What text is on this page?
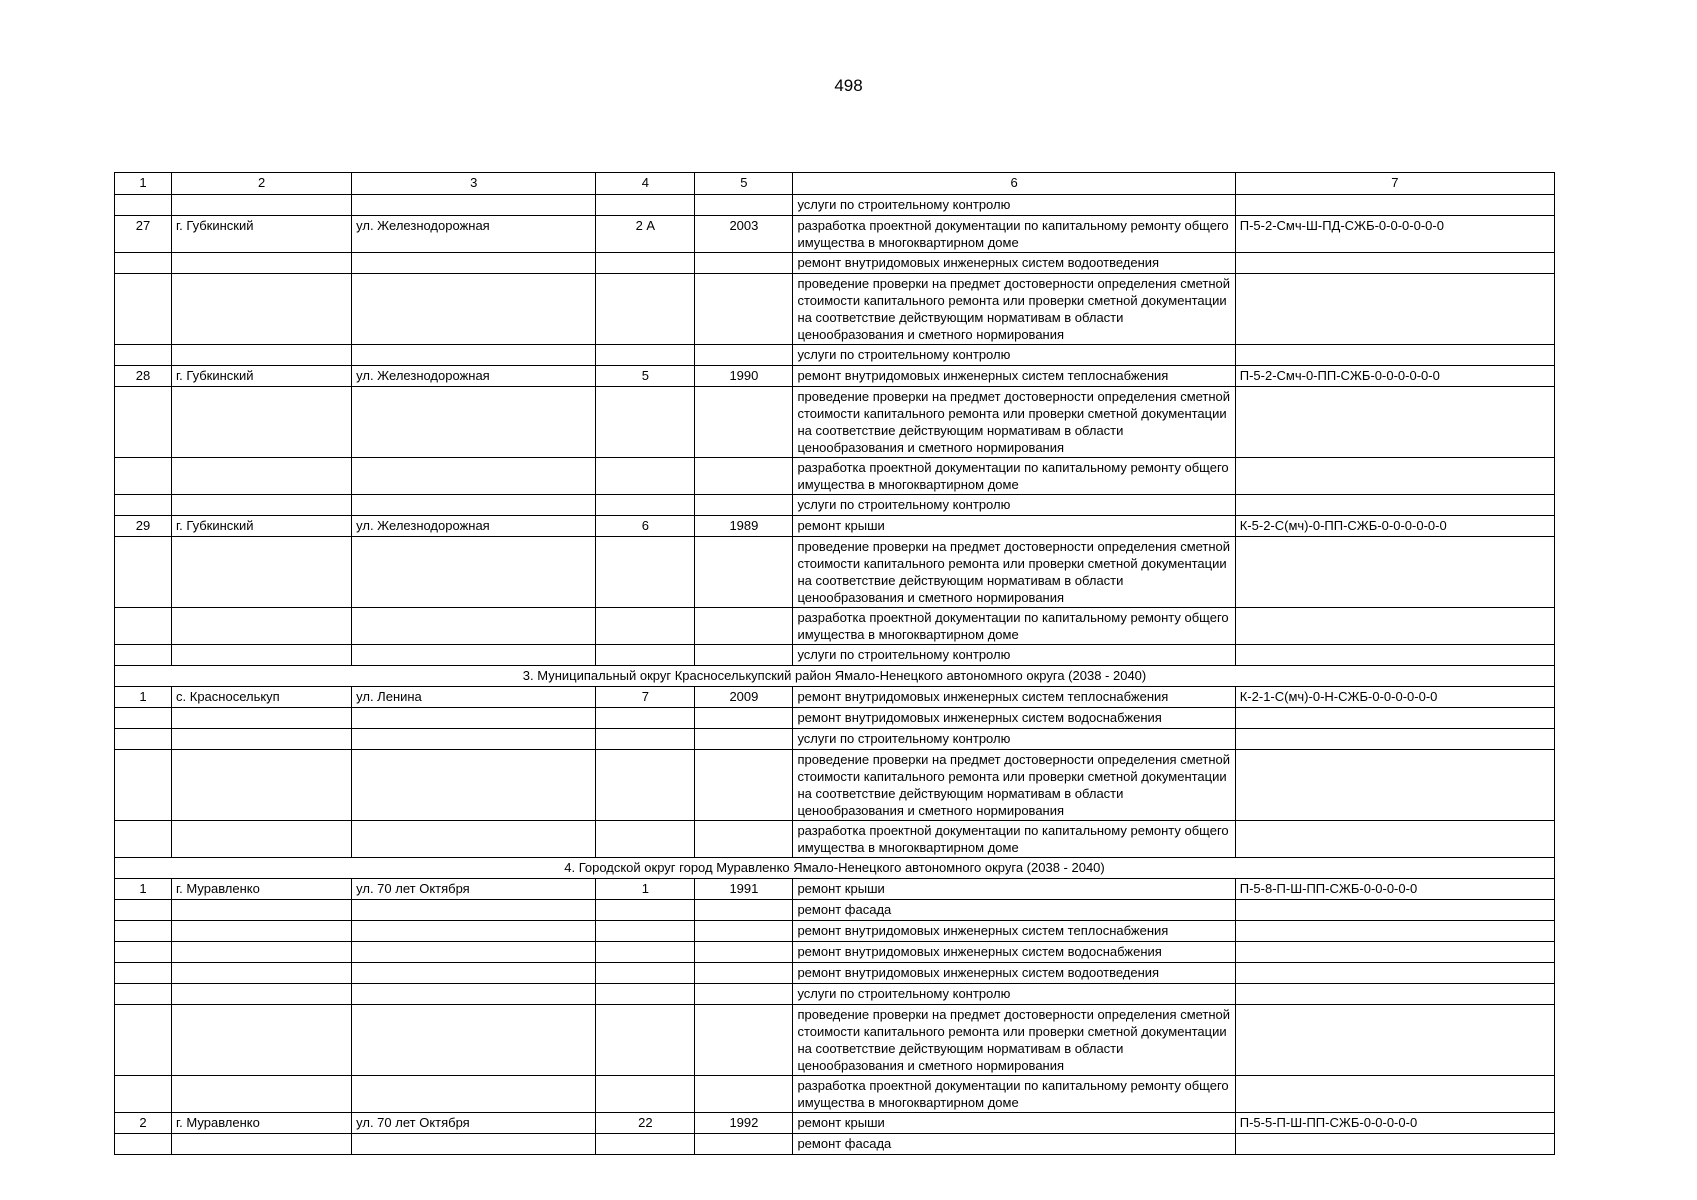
498
1	2	3	4	5	6	7
					услуги по строительному контролю	
27	г. Губкинский	ул. Железнодорожная	2 А	2003	разработка проектной документации по капитальному ремонту общего имущества в многоквартирном доме	П-5-2-Смч-Ш-ПД-СЖБ-0-0-0-0-0-0
					ремонт внутридомовых инженерных систем водоотведения	
					проведение проверки на предмет достоверности определения сметной стоимости капитального ремонта или проверки сметной документации на соответствие действующим нормативам в области ценообразования и сметного нормирования	
					услуги по строительному контролю	
28	г. Губкинский	ул. Железнодорожная	5	1990	ремонт внутридомовых инженерных систем теплоснабжения	П-5-2-Смч-0-ПП-СЖБ-0-0-0-0-0-0
					проведение проверки на предмет достоверности определения сметной стоимости капитального ремонта или проверки сметной документации на соответствие действующим нормативам в области ценообразования и сметного нормирования	
					разработка проектной документации по капитальному ремонту общего имущества в многоквартирном доме	
					услуги по строительному контролю	
29	г. Губкинский	ул. Железнодорожная	6	1989	ремонт крыши	К-5-2-С(мч)-0-ПП-СЖБ-0-0-0-0-0-0
					проведение проверки на предмет достоверности определения сметной стоимости капитального ремонта или проверки сметной документации на соответствие действующим нормативам в области ценообразования и сметного нормирования	
					разработка проектной документации по капитальному ремонту общего имущества в многоквартирном доме	
					услуги по строительному контролю	
3. Муниципальный округ Красноселькупский район Ямало-Ненецкого автономного округа (2038 - 2040)						
1	с. Красноселькуп	ул. Ленина	7	2009	ремонт внутридомовых инженерных систем теплоснабжения	К-2-1-С(мч)-0-Н-СЖБ-0-0-0-0-0-0
					ремонт внутридомовых инженерных систем водоснабжения	
					услуги по строительному контролю	
					проведение проверки на предмет достоверности определения сметной стоимости капитального ремонта или проверки сметной документации на соответствие действующим нормативам в области ценообразования и сметного нормирования	
					разработка проектной документации по капитальному ремонту общего имущества в многоквартирном доме	
4. Городской округ город Муравленко Ямало-Ненецкого автономного округа (2038 - 2040)						
1	г. Муравленко	ул. 70 лет Октября	1	1991	ремонт крыши	П-5-8-П-Ш-ПП-СЖБ-0-0-0-0-0
					ремонт фасада	
					ремонт внутридомовых инженерных систем теплоснабжения	
					ремонт внутридомовых инженерных систем водоснабжения	
					ремонт внутридомовых инженерных систем водоотведения	
					услуги по строительному контролю	
					проведение проверки на предмет достоверности определения сметной стоимости капитального ремонта или проверки сметной документации на соответствие действующим нормативам в области ценообразования и сметного нормирования	
					разработка проектной документации по капитальному ремонту общего имущества в многоквартирном доме	
2	г. Муравленко	ул. 70 лет Октября	22	1992	ремонт крыши	П-5-5-П-Ш-ПП-СЖБ-0-0-0-0-0
					ремонт фасада	
